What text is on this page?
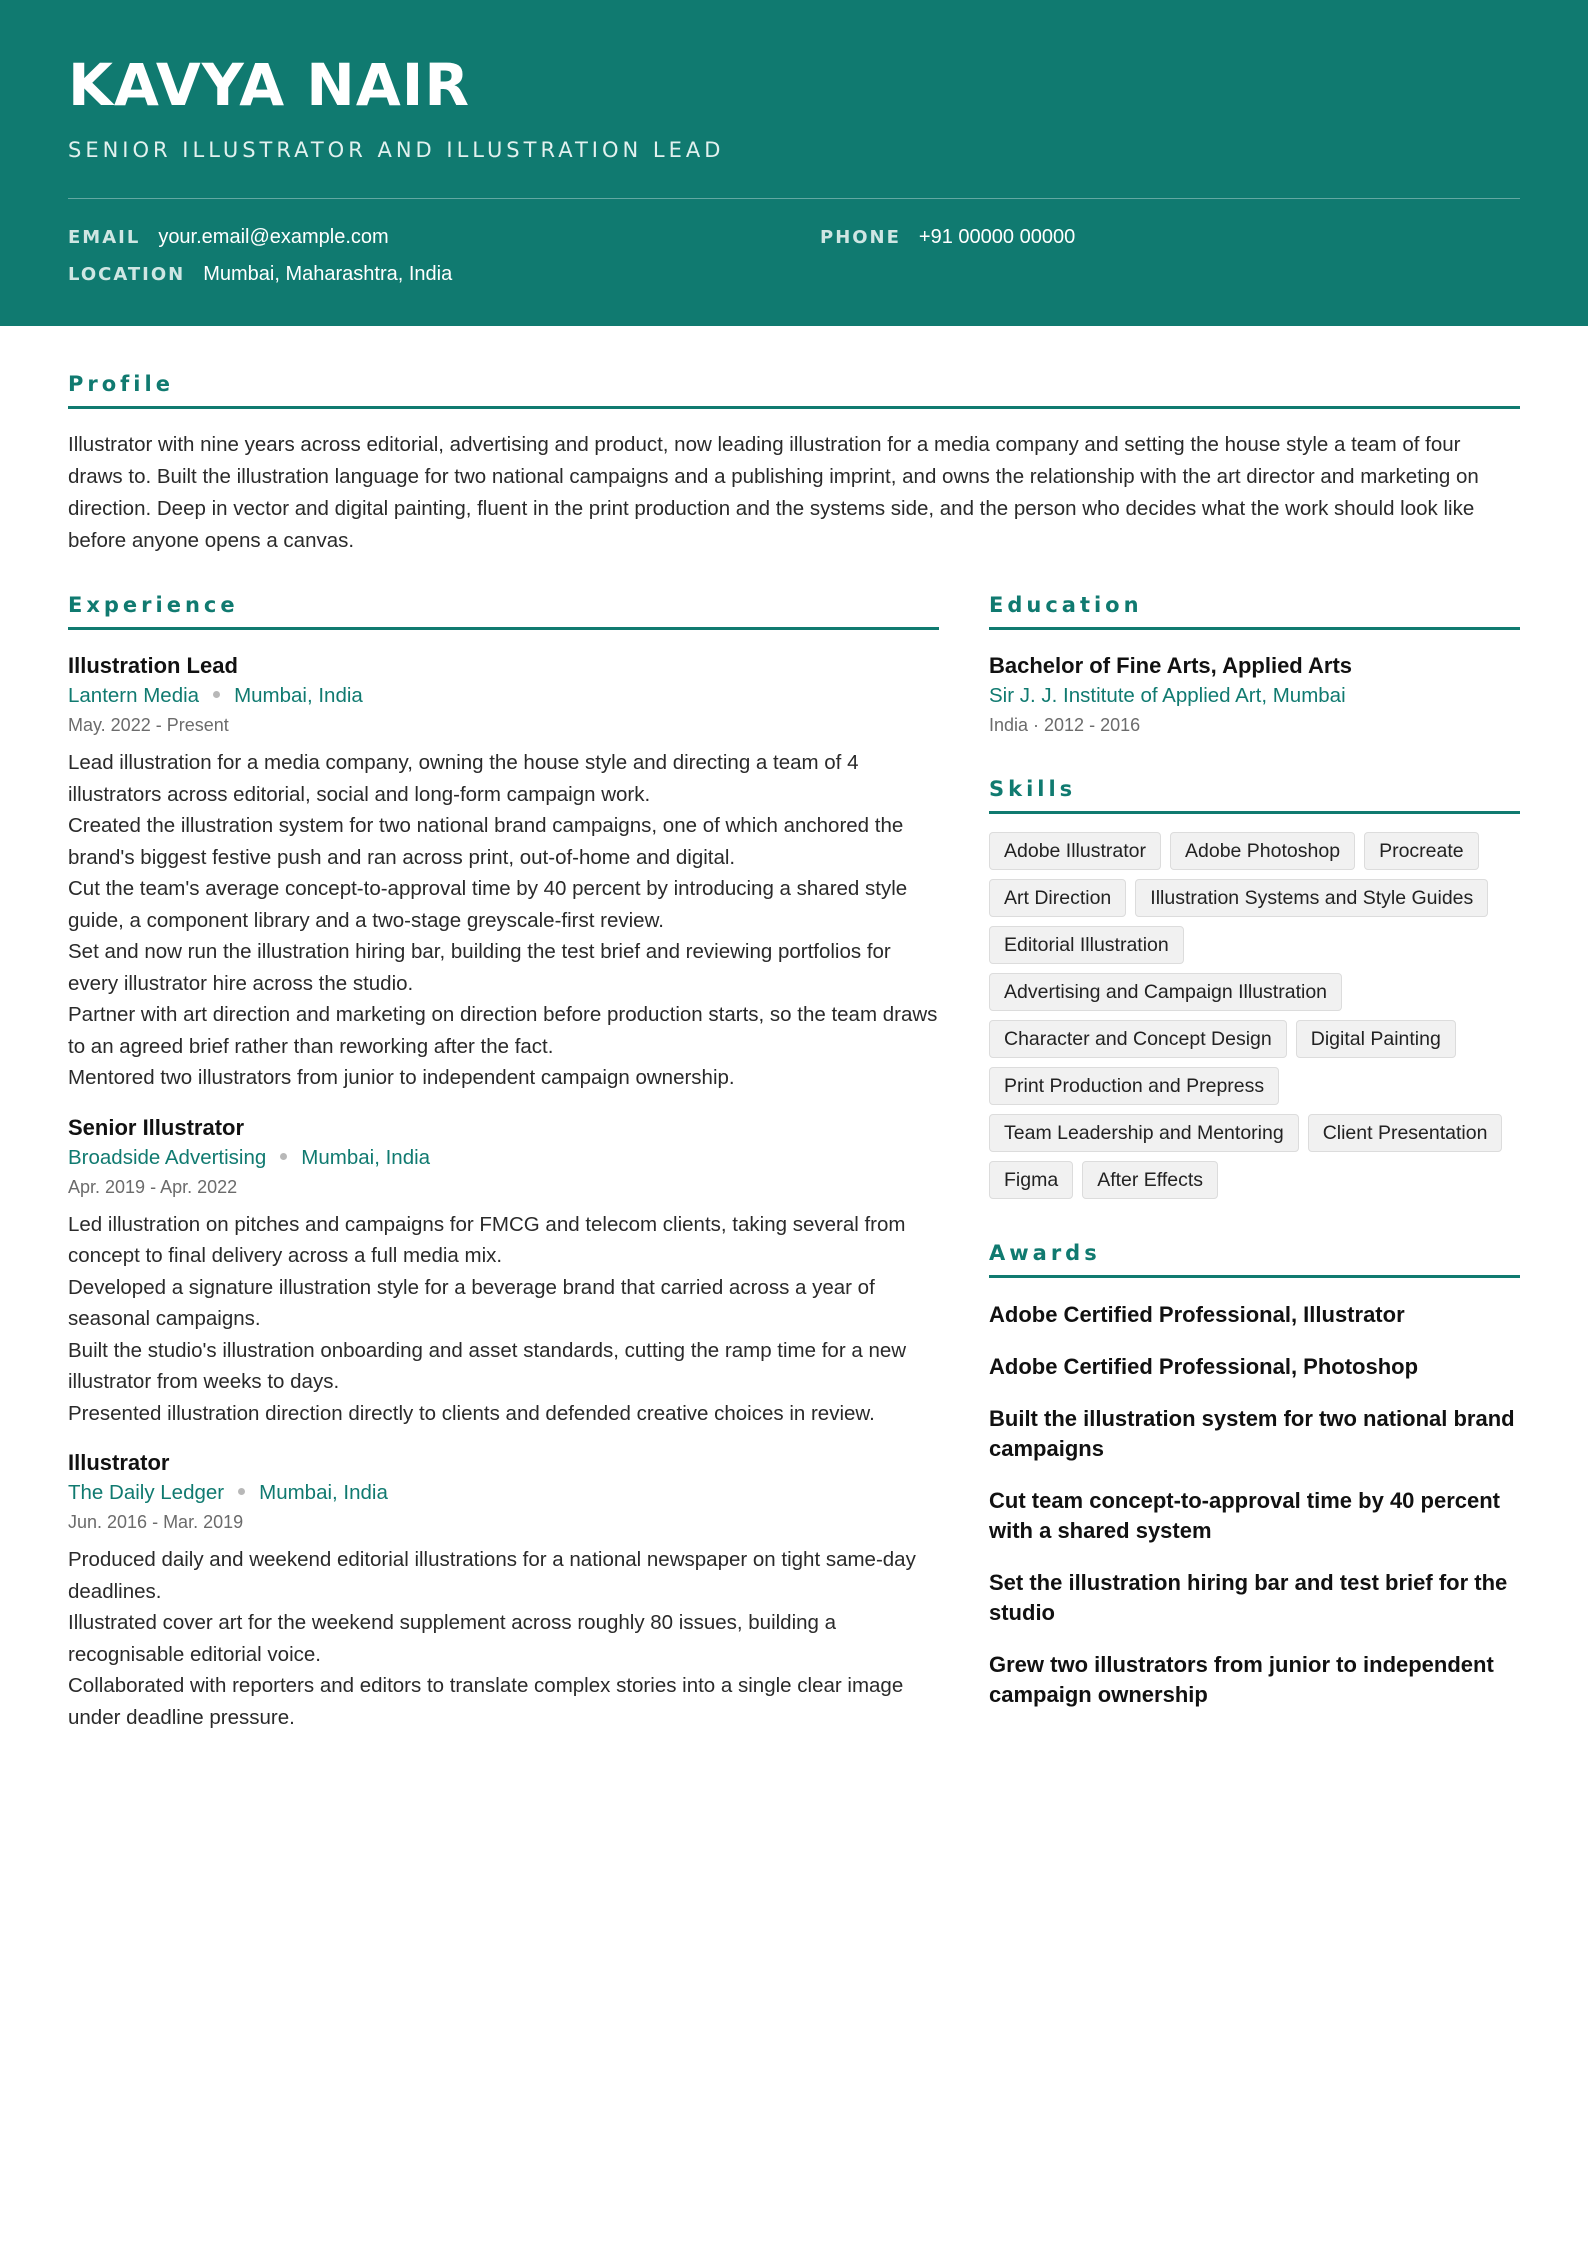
KAVYA NAIR
SENIOR ILLUSTRATOR AND ILLUSTRATION LEAD
EMAIL your.email@example.com	PHONE +91 00000 00000
LOCATION Mumbai, Maharashtra, India
Profile
Illustrator with nine years across editorial, advertising and product, now leading illustration for a media company and setting the house style a team of four draws to. Built the illustration language for two national campaigns and a publishing imprint, and owns the relationship with the art director and marketing on direction. Deep in vector and digital painting, fluent in the print production and the systems side, and the person who decides what the work should look like before anyone opens a canvas.
Experience
Illustration Lead
Lantern Media Mumbai, India
May. 2022 - Present
Lead illustration for a media company, owning the house style and directing a team of 4 illustrators across editorial, social and long-form campaign work.
Created the illustration system for two national brand campaigns, one of which anchored the brand's biggest festive push and ran across print, out-of-home and digital.
Cut the team's average concept-to-approval time by 40 percent by introducing a shared style guide, a component library and a two-stage greyscale-first review.
Set and now run the illustration hiring bar, building the test brief and reviewing portfolios for every illustrator hire across the studio.
Partner with art direction and marketing on direction before production starts, so the team draws to an agreed brief rather than reworking after the fact.
Mentored two illustrators from junior to independent campaign ownership.
Senior Illustrator
Broadside Advertising Mumbai, India
Apr. 2019 - Apr. 2022
Led illustration on pitches and campaigns for FMCG and telecom clients, taking several from concept to final delivery across a full media mix.
Developed a signature illustration style for a beverage brand that carried across a year of seasonal campaigns.
Built the studio's illustration onboarding and asset standards, cutting the ramp time for a new illustrator from weeks to days.
Presented illustration direction directly to clients and defended creative choices in review.
Illustrator
The Daily Ledger Mumbai, India
Jun. 2016 - Mar. 2019
Produced daily and weekend editorial illustrations for a national newspaper on tight same-day deadlines.
Illustrated cover art for the weekend supplement across roughly 80 issues, building a recognisable editorial voice.
Collaborated with reporters and editors to translate complex stories into a single clear image under deadline pressure.
Education
Bachelor of Fine Arts, Applied Arts
Sir J. J. Institute of Applied Art, Mumbai
India · 2012 - 2016
Skills
Adobe Illustrator	Adobe Photoshop	Procreate
Art Direction	Illustration Systems and Style Guides
Editorial Illustration
Advertising and Campaign Illustration
Character and Concept Design	Digital Painting
Print Production and Prepress
Team Leadership and Mentoring	Client Presentation
Figma	After Effects
Awards
Adobe Certified Professional, Illustrator
Adobe Certified Professional, Photoshop
Built the illustration system for two national brand campaigns
Cut team concept-to-approval time by 40 percent with a shared system
Set the illustration hiring bar and test brief for the studio
Grew two illustrators from junior to independent campaign ownership
